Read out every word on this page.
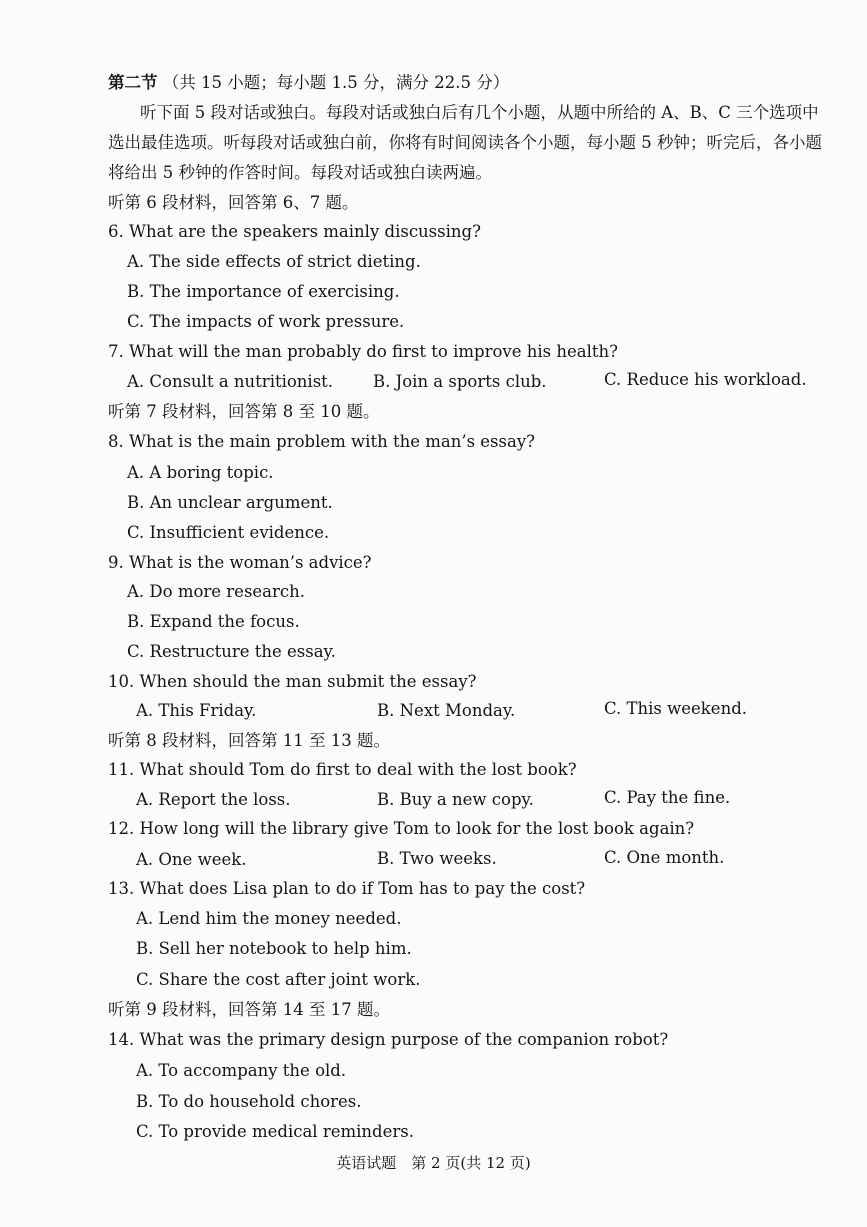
第二节 （共 15 小题；每小题 1.5 分，满分 22.5 分）
听下面 5 段对话或独白。每段对话或独白后有几个小题，从题中所给的 A、B、C 三个选项中
选出最佳选项。听每段对话或独白前，你将有时间阅读各个小题，每小题 5 秒钟；听完后，各小题
将给出 5 秒钟的作答时间。每段对话或独白读两遍。
听第 6 段材料，回答第 6、7 题。
6. What are the speakers mainly discussing?
A. The side effects of strict dieting.
B. The importance of exercising.
C. The impacts of work pressure.
7. What will the man probably do first to improve his health?
A. Consult a nutritionist. B. Join a sports club.	C. Reduce his workload.
听第 7 段材料，回答第 8 至 10 题。
8. What is the main problem with the man’s essay?
A. A boring topic.
B. An unclear argument.
C. Insufficient evidence.
9. What is the woman’s advice?
A. Do more research.
B. Expand the focus.
C. Restructure the essay.
10. When should the man submit the essay?
A. This Friday.	B. Next Monday.	C. This weekend.
听第 8 段材料，回答第 11 至 13 题。
11. What should Tom do first to deal with the lost book?
A. Report the loss.	B. Buy a new copy.	C. Pay the fine.
12. How long will the library give Tom to look for the lost book again?
A. One week.	B. Two weeks.	C. One month.
13. What does Lisa plan to do if Tom has to pay the cost?
A. Lend him the money needed.
B. Sell her notebook to help him.
C. Share the cost after joint work.
听第 9 段材料，回答第 14 至 17 题。
14. What was the primary design purpose of the companion robot?
A. To accompany the old.
B. To do household chores.
C. To provide medical reminders.
英语试题　第 2 页(共 12 页)
